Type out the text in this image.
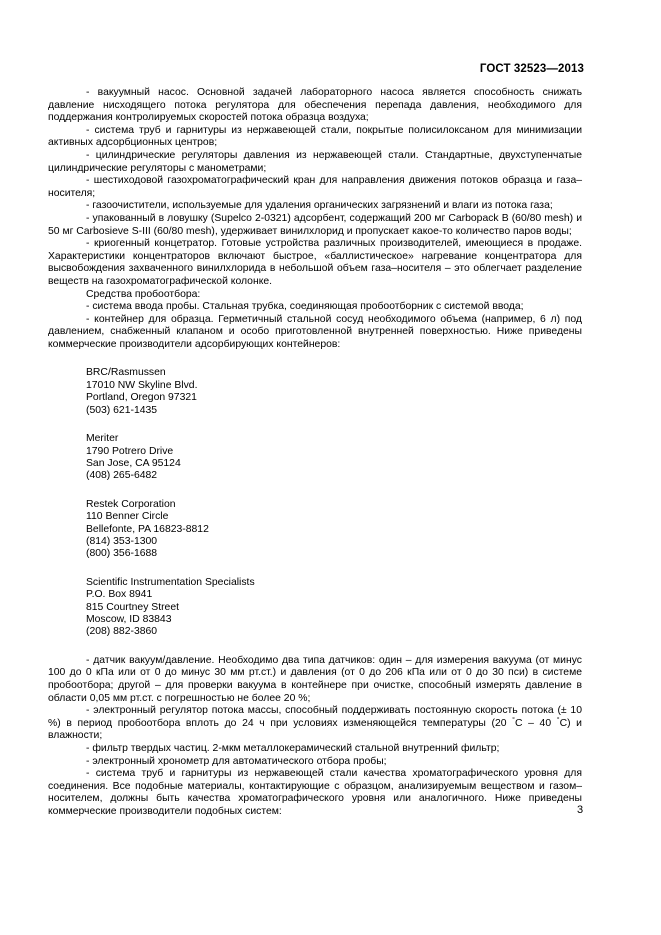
ГОСТ 32523—2013

- вакуумный насос. Основной задачей лабораторного насоса является способность снижать давление нисходящего потока регулятора для обеспечения перепада давления, необходимого для поддержания контролируемых скоростей потока образца воздуха;

- система труб и гарнитуры из нержавеющей стали, покрытые полисилоксаном для минимизации активных адсорбционных центров;

- цилиндрические регуляторы давления из нержавеющей стали. Стандартные, двухступенчатые цилиндрические регуляторы с манометрами;

- шестиходовой газохроматографический кран для направления движения потоков образца и газа–носителя;

- газоочистители, используемые для удаления органических загрязнений и влаги из потока газа;

- упакованный в ловушку (Supelco 2-0321) адсорбент, содержащий 200 мг Carbopack B (60/80 mesh) и 50 мг Carbosieve S-III (60/80 mesh), удерживает винилхлорид и пропускает какое-то количество паров воды;

- криогенный концетратор. Готовые устройства различных производителей, имеющиеся в продаже. Характеристики концентраторов включают быстрое, «баллистическое» нагревание концентратора для высвобождения захваченного винилхлорида в небольшой объем газа–носителя – это облегчает разделение веществ на газохроматографической колонке.

Средства пробоотбора:

- система ввода пробы. Стальная трубка, соединяющая пробоотборник с системой ввода;

- контейнер для образца. Герметичный стальной сосуд необходимого объема (например, 6 л) под давлением, снабженный клапаном и особо приготовленной внутренней поверхностью. Ниже приведены коммерческие производители адсорбирующих контейнеров:

BRC/Rasmussen
17010 NW Skyline Blvd.
Portland, Oregon 97321
(503) 621-1435
Meriter
1790 Potrero Drive
San Jose, CA 95124
(408) 265-6482
Restek Corporation
110 Benner Circle
Bellefonte, PA 16823-8812
(814) 353-1300
(800) 356-1688
Scientific Instrumentation Specialists
P.O. Box 8941
815 Courtney Street
Moscow, ID 83843
(208) 882-3860

- датчик вакуум/давление. Необходимо два типа датчиков: один – для измерения вакуума (от минус 100 до 0 кПа или от 0 до минус 30 мм рт.ст.) и давления (от 0 до 206 кПа или от 0 до 30 пси) в системе пробоотбора; другой – для проверки вакуума в контейнере при очистке, способный измерять давление в области 0,05 мм рт.ст. с погрешностью не более 20 %;

- электронный регулятор потока массы, способный поддерживать постоянную скорость потока (± 10 %) в период пробоотбора вплоть до 24 ч при условиях изменяющейся температуры (20 °C – 40 °C) и влажности;

- фильтр твердых частиц. 2-мкм металлокерамический стальной внутренний фильтр;

- электронный хронометр для автоматического отбора пробы;

- система труб и гарнитуры из нержавеющей стали качества хроматографического уровня для соединения. Все подобные материалы, контактирующие с образцом, анализируемым веществом и газом–носителем, должны быть качества хроматографического уровня или аналогичного. Ниже приведены коммерческие производители подобных систем:	3
